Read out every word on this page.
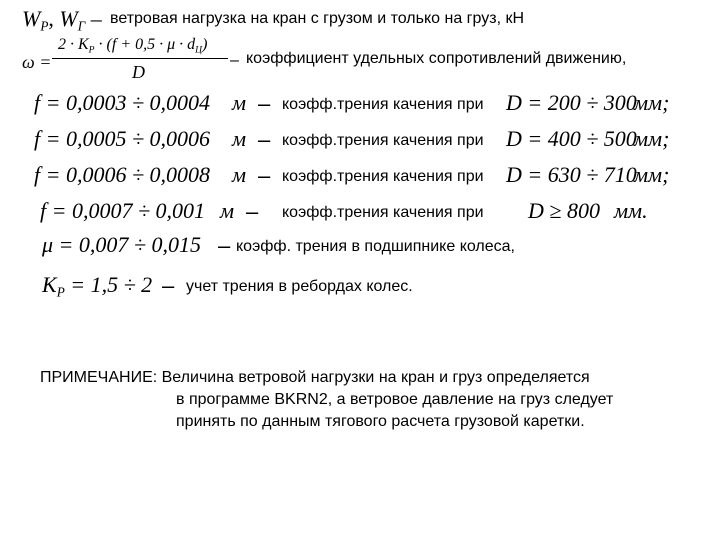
$W_P$, $W_Г$ – ветровая нагрузка на кран с грузом и только на груз, кН
ω =
$2 \cdot K_P \cdot (f + 0,5 \cdot \mu \cdot d_Ц)$
D
– коэффициент удельных сопротивлений движению,
f = 0,0003 ÷ 0,0004 м – коэфф.трения качения при D = 200 ÷ 300
мм;
f = 0,0005 ÷ 0,0006 м – коэфф.трения качения при D = 400 ÷ 500
мм;
f = 0,0006 ÷ 0,0008 м – коэфф.трения качения при D = 630 ÷ 710
мм;
f = 0,0007 ÷ 0,001 м – коэфф.трения качения при D ≥ 800 мм.
μ = 0,007 ÷ 0,015 – коэфф. трения в подшипнике колеса,
$K_P = 1,5 \div 2$ – учет трения в ребордах колес.
ПРИМЕЧАНИЕ: Величина ветровой нагрузки на кран и груз определяется
в программе BKRN2, а ветровое давление на груз следует
принять по данным тягового расчета грузовой каретки.
